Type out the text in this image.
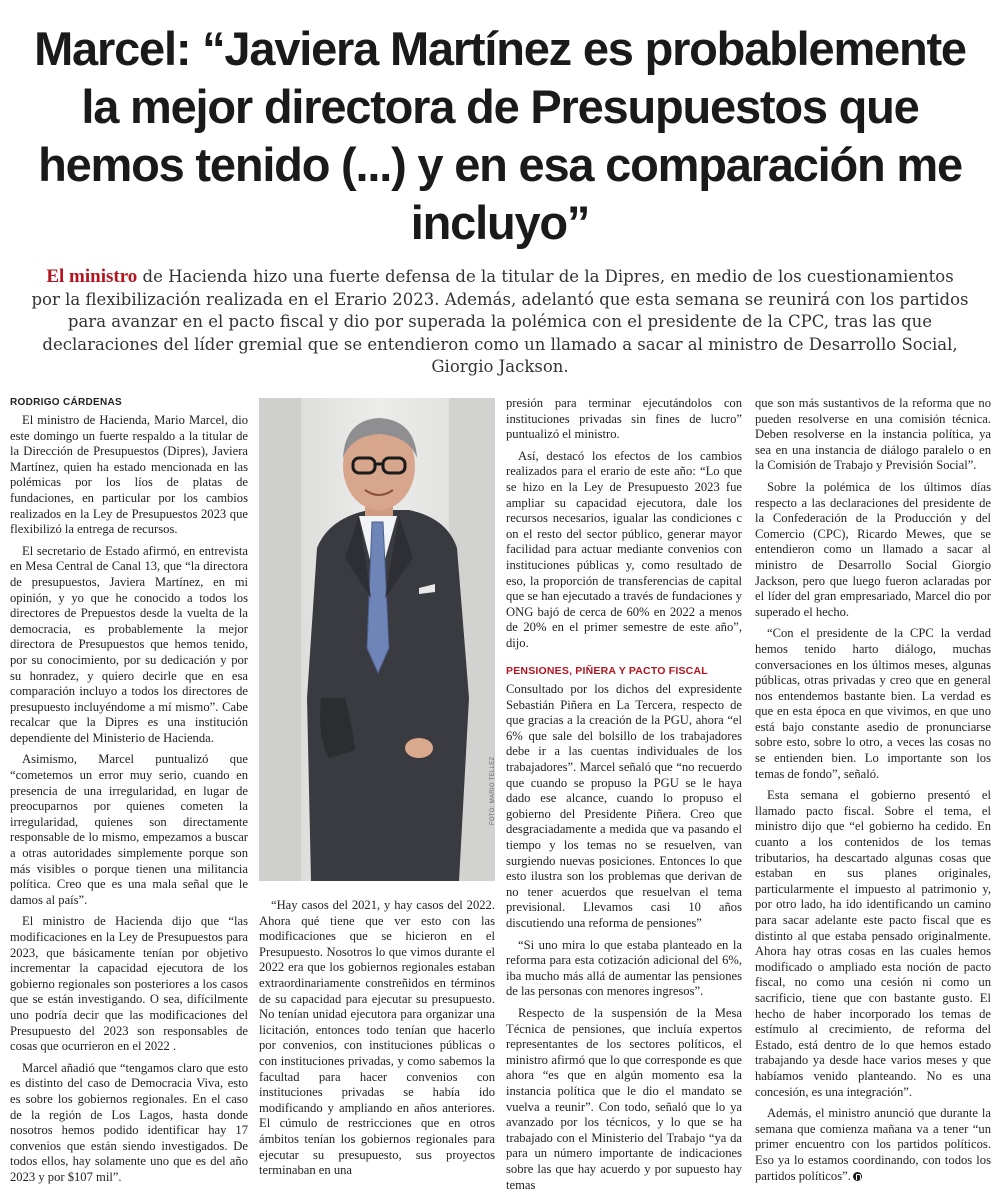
Marcel: “Javiera Martínez es probablemente la mejor directora de Presupuestos que hemos tenido (...) y en esa comparación me incluyo”

El ministro de Hacienda hizo una fuerte defensa de la titular de la Dipres, en medio de los cuestionamientos por la flexibilización realizada en el Erario 2023. Además, adelantó que esta semana se reunirá con los partidos para avanzar en el pacto fiscal y dio por superada la polémica con el presidente de la CPC, tras las que declaraciones del líder gremial que se entendieron como un llamado a sacar al ministro de Desarrollo Social, Giorgio Jackson.

RODRIGO CÁRDENAS

El ministro de Hacienda, Mario Marcel, dio este domingo un fuerte respaldo a la titular de la Dirección de Presupuestos (Dipres), Javiera Martínez, quien ha estado mencionada en las polémicas por los líos de platas de fundaciones, en particular por los cambios realizados en la Ley de Presupuestos 2023 que flexibilizó la entrega de recursos.

El secretario de Estado afirmó, en entrevista en Mesa Central de Canal 13, que “la directora de presupuestos, Javiera Martínez, en mi opinión, y yo que he conocido a todos los directores de Prepuestos desde la vuelta de la democracia, es probablemente la mejor directora de Presupuestos que hemos tenido, por su conocimiento, por su dedicación y por su honradez, y quiero decirle que en esa comparación incluyo a todos los directores de presupuesto incluyéndome a mí mismo”. Cabe recalcar que la Dipres es una institución dependiente del Ministerio de Hacienda.

Asimismo, Marcel puntualizó que “cometemos un error muy serio, cuando en presencia de una irregularidad, en lugar de preocuparnos por quienes cometen la irregularidad, quienes son directamente responsable de lo mismo, empezamos a buscar a otras autoridades simplemente porque son más visibles o porque tienen una militancia política. Creo que es una mala señal que le damos al país”.

El ministro de Hacienda dijo que “las modificaciones en la Ley de Presupuestos para 2023, que básicamente tenían por objetivo incrementar la capacidad ejecutora de los gobierno regionales son posteriores a los casos que se están investigando. O sea, difícilmente uno podría decir que las modificaciones del Presupuesto del 2023 son responsables de cosas que ocurrieron en el 2022 .

Marcel añadió que “tengamos claro que esto es distinto del caso de Democracia Viva, esto es sobre los gobiernos regionales. En el caso de la región de Los Lagos, hasta donde nosotros hemos podido identificar hay 17 convenios que están siendo investigados. De todos ellos, hay solamente uno que es del año 2023 y por $107 mil”.

FOTO: MARIO TELLEZ

“Hay casos del 2021, y hay casos del 2022. Ahora qué tiene que ver esto con las modificaciones que se hicieron en el Presupuesto. Nosotros lo que vimos durante el 2022 era que los gobiernos regionales estaban extraordinariamente constreñidos en términos de su capacidad para ejecutar su presupuesto. No tenían unidad ejecutora para organizar una licitación, entonces todo tenían que hacerlo por convenios, con instituciones públicas o con instituciones privadas, y como sabemos la facultad para hacer convenios con instituciones privadas se había ido modificando y ampliando en años anteriores. El cúmulo de restricciones que en otros ámbitos tenían los gobiernos regionales para ejecutar su presupuesto, sus proyectos terminaban en una

presión para terminar ejecutándolos con instituciones privadas sin fines de lucro” puntualizó el ministro.

Así, destacó los efectos de los cambios realizados para el erario de este año: “Lo que se hizo en la Ley de Presupuesto 2023 fue ampliar su capacidad ejecutora, dale los recursos necesarios, igualar las condiciones c on el resto del sector público, generar mayor facilidad para actuar mediante convenios con instituciones públicas y, como resultado de eso, la proporción de transferencias de capital que se han ejecutado a través de fundaciones y ONG bajó de cerca de 60% en 2022 a menos de 20% en el primer semestre de este año”, dijo.

PENSIONES, PIÑERA Y PACTO FISCAL

Consultado por los dichos del expresidente Sebastián Piñera en La Tercera, respecto de que gracias a la creación de la PGU, ahora “el 6% que sale del bolsillo de los trabajadores debe ir a las cuentas individuales de los trabajadores”. Marcel señaló que “no recuerdo que cuando se propuso la PGU se le haya dado ese alcance, cuando lo propuso el gobierno del Presidente Piñera. Creo que desgraciadamente a medida que va pasando el tiempo y los temas no se resuelven, van surgiendo nuevas posiciones. Entonces lo que esto ilustra son los problemas que derivan de no tener acuerdos que resuelvan el tema previsional. Llevamos casi 10 años discutiendo una reforma de pensiones”

“Si uno mira lo que estaba planteado en la reforma para esta cotización adicional del 6%, iba mucho más allá de aumentar las pensiones de las personas con menores ingresos”.

Respecto de la suspensión de la Mesa Técnica de pensiones, que incluía expertos representantes de los sectores políticos, el ministro afirmó que lo que corresponde es que ahora “es que en algún momento esa la instancia política que le dio el mandato se vuelva a reunir”. Con todo, señaló que lo ya avanzado por los técnicos, y lo que se ha trabajado con el Ministerio del Trabajo “ya da para un número importante de indicaciones sobre las que hay acuerdo y por supuesto hay temas

que son más sustantivos de la reforma que no pueden resolverse en una comisión técnica. Deben resolverse en la instancia política, ya sea en una instancia de diálogo paralelo o en la Comisión de Trabajo y Previsión Social”.

Sobre la polémica de los últimos días respecto a las declaraciones del presidente de la Confederación de la Producción y del Comercio (CPC), Ricardo Mewes, que se entendieron como un llamado a sacar al ministro de Desarrollo Social Giorgio Jackson, pero que luego fueron aclaradas por el líder del gran empresariado, Marcel dio por superado el hecho.

“Con el presidente de la CPC la verdad hemos tenido harto diálogo, muchas conversaciones en los últimos meses, algunas públicas, otras privadas y creo que en general nos entendemos bastante bien. La verdad es que en esta época en que vivimos, en que uno está bajo constante asedio de pronunciarse sobre esto, sobre lo otro, a veces las cosas no se entienden bien. Lo importante son los temas de fondo”, señaló.

Esta semana el gobierno presentó el llamado pacto fiscal. Sobre el tema, el ministro dijo que “el gobierno ha cedido. En cuanto a los contenidos de los temas tributarios, ha descartado algunas cosas que estaban en sus planes originales, particularmente el impuesto al patrimonio y, por otro lado, ha ido identificando un camino para sacar adelante este pacto fiscal que es distinto al que estaba pensado originalmente. Ahora hay otras cosas en las cuales hemos modificado o ampliado esta noción de pacto fiscal, no como una cesión ni como un sacrificio, tiene que con bastante gusto. El hecho de haber incorporado los temas de estímulo al crecimiento, de reforma del Estado, está dentro de lo que hemos estado trabajando ya desde hace varios meses y que habíamos venido planteando. No es una concesión, es una integración”.

Además, el ministro anunció que durante la semana que comienza mañana va a tener “un primer encuentro con los partidos políticos. Eso ya lo estamos coordinando, con todos los partidos políticos”.
